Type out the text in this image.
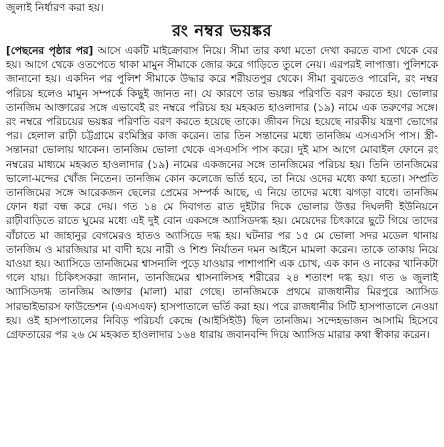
জুলাই নির্ধারণ করা হয়।

রং নম্বর ভয়ঙ্কর

[পেছনের পৃষ্ঠার পর] আসে একটি মাইক্রোবাস নিয়ে। সীমা তার কথা মতো দেখা করতে বাসা থেকে বের হয়। আগে থেকে ওতপেতে থাকা মামুন সীমাকে জোর করে গাড়িতে তুলে নেয়। এরপরই লাপাত্তা। পুলিশকে জানানো হয়। একদিন পর পুলিশ সীমাকে উদ্ধার করে শরীয়তপুর থেকে। সীমা বুঝতেও পারেনি, রং নম্বর পরিচয় হলেও মামুন সম্পর্কে কিছুই জানত না। যে কারণে তার ভয়ঙ্কর পরিণতি বরণ করতে হয়। ভোলার তানজিম আক্তারের সঙ্গে এভাবেই রং নম্বরে পরিচয় হয় মহব্বত হাওলাদার (১৯) নামে এক তরুণের সঙ্গে। রং নম্বরে পরিচয়ের ভয়ঙ্কর পরিণতি বরণ করতে হয়েছে তাকে। জীবন দিয়ে হয়েছে নারকীয় যন্ত্রণা ভোগের পর। হেলাল রাঢ়ী চট্টগ্রামে রংমিস্ত্রির কাজ করেন। তার তিন সন্তানের মধ্যে তানজিম এসএসসি পাস। স্ত্রী-সন্তানরা ভোলায় থাকেন। তানজিম ভোলা থেকে এসএসসি পাস করে। দুই মাস আগে মোবাইল ফোনে রং নম্বরের মাধ্যমে মহব্বত হাওলাদার (১৯) নামের একজনের সঙ্গে তানজিমের পরিচয় হয়। তিনি তানজিমের ভালো-মন্দের খোঁজ নিতেন। তানজিম কোন কলেজে ভর্তি হবে, তা নিয়ে ওদের মধ্যে কথা হতো। সম্প্রতি তানজিমের সঙ্গে আরেকজন ছেলের প্রেমের সম্পর্ক আছে, এ নিয়ে তাদের মধ্যে ঝগড়া বাধে। তানজিম ফোন ধরা বন্ধ করে দেয়। গত ১৪ মে দিবাগত রাত দুইটার দিকে ভোলার উত্তর দিঘলদী ইউনিয়নে রাঢ়ীবাড়িতে রাতে ঘুমের মধ্যে এই দুই বোন একসঙ্গে অ্যাসিডদগ্ধ হয়। মেয়েদের চিৎকারে ছুটে গিয়ে তাদের বাঁচাতে মা জাহানুর বেগমেরও হাতও অ্যাসিডে দগ্ধ হয়। ঘটনার পর ১৫ মে ভোলা সদর মডেল থানায় তানজিম ও মারজিয়ার মা বাদী হয়ে নারী ও শিশু নির্যাতন দমন আইনে মামলা করেন। তাকে তাকায় নিয়ে যাওয়া হয়। অ্যাসিডে তানজিমের শ্বাসনালি পুড়ে যাওয়ার পাশাপাশি এক চোখ, এক কান ও নাকের খানিকটা গলে যায়। চিকিৎসকরা জানান, তানজিমের শ্বাসনালিসহ শরীরের ২৪ শতাংশ দগ্ধ হয়। গত ৬ জুলাই অ্যাসিডদগ্ধ তানজিম আক্তার (মালা) মারা গেছে। তানজিমকে প্রথমে রাজধানীর মিরপুরে অ্যাসিড সারভাইভারস ফাউন্ডেশন (এএসএফ) হাসপাতালে ভর্তি করা হয়। পরে রাজধানীর সিটি হাসপাতালে নেওয়া হয়। ওই হাসপাতালের নিবিড় পরিচর্যা কেন্দ্রে (আইসিইউ) ছিল তানজিম। সন্দেহভাজন আসামি হিসেবে গ্রেফতারের পর ২৬ মে মহব্বত হাওলাদার ১৬৪ ধারায় জবানবন্দি দিয়ে অ্যাসিড মারার কথা স্বীকার করেন।
